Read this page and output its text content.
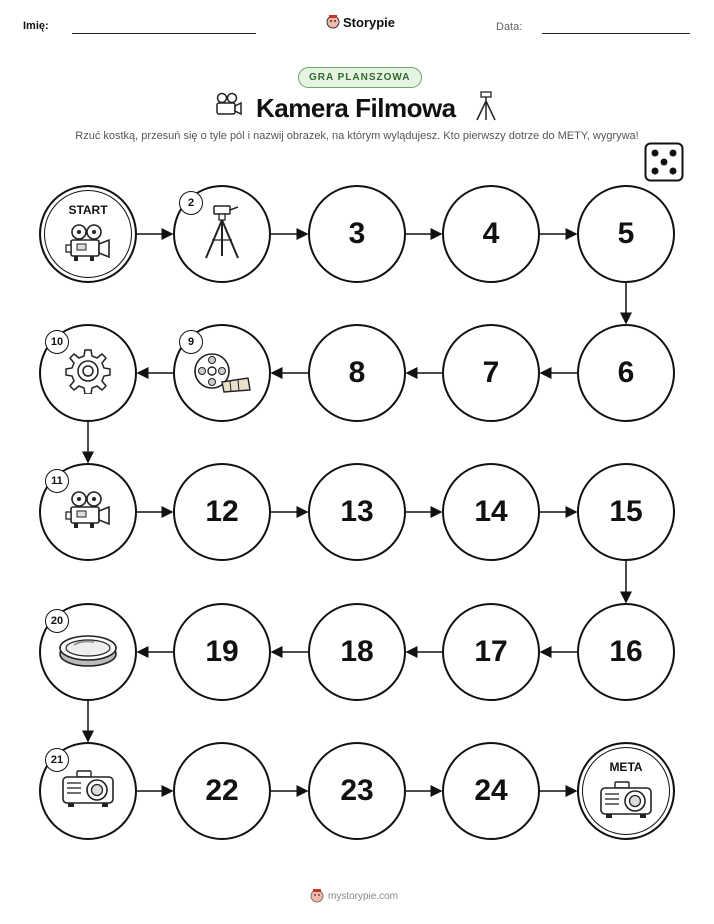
Imię:	Storypie	Data:
GRA PLANSZOWA
Kamera Filmowa
Rzuć kostką, przesuń się o tyle pól i nazwij obrazek, na którym wylądujesz. Kto pierwszy dotrze do METY, wygrywa!
START	2
3	4	5
6
7
8
9
10
11
12	13	14	15
16
17
18
19
20
21
22	23	24
META
mystorypie.com
